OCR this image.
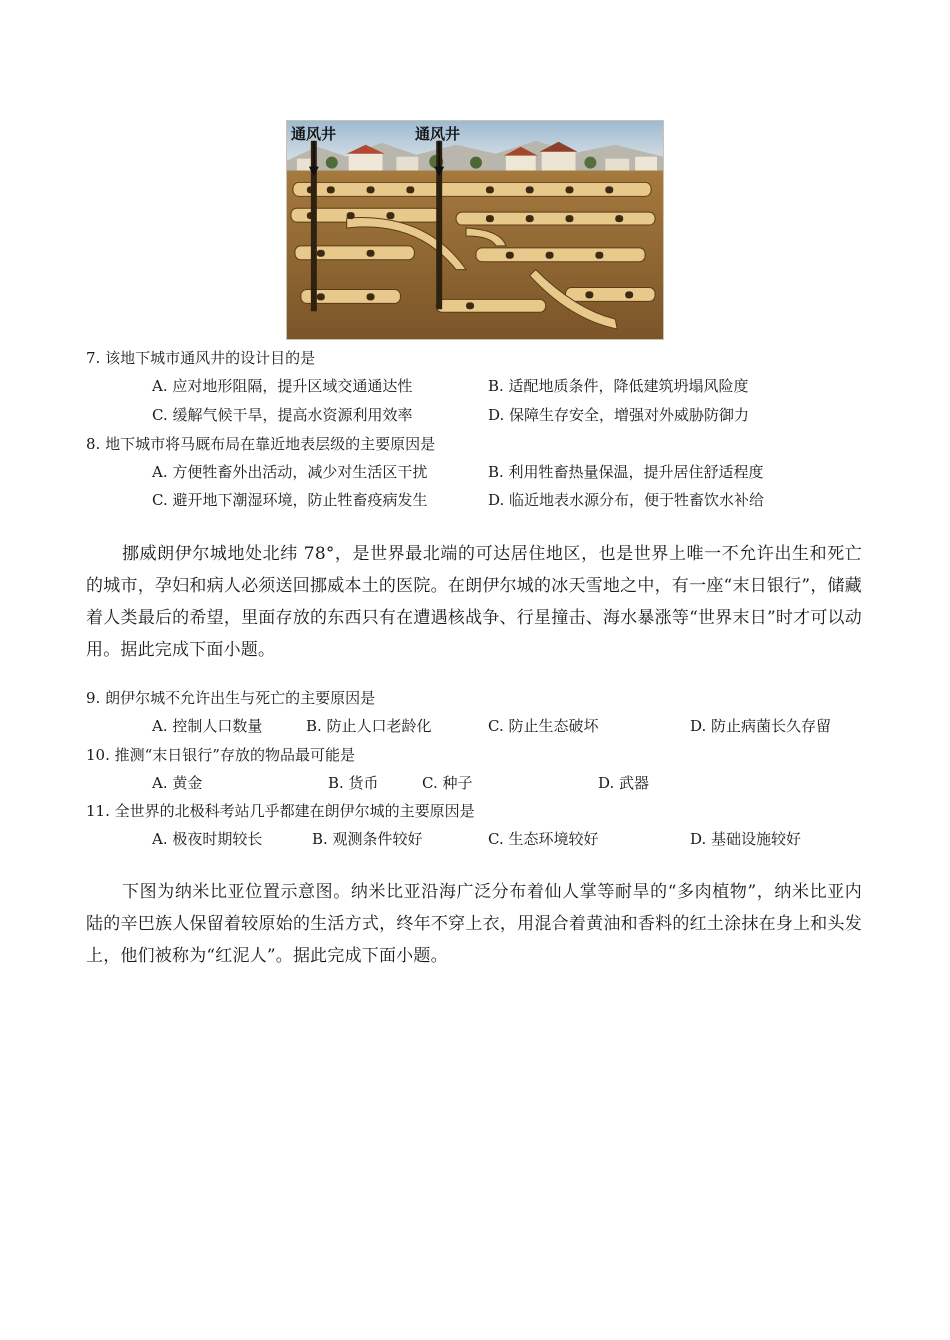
通风井	通风井
7. 该地下城市通风井的设计目的是
A. 应对地形阻隔，提升区域交通通达性	B. 适配地质条件，降低建筑坍塌风险度
C. 缓解气候干旱，提高水资源利用效率	D. 保障生存安全，增强对外威胁防御力
8. 地下城市将马厩布局在靠近地表层级的主要原因是
A. 方便牲畜外出活动，减少对生活区干扰	B. 利用牲畜热量保温，提升居住舒适程度
C. 避开地下潮湿环境，防止牲畜疫病发生	D. 临近地表水源分布，便于牲畜饮水补给
挪威朗伊尔城地处北纬 78°，是世界最北端的可达居住地区，也是世界上唯一不允许出生和死亡的城市，孕妇和病人必须送回挪威本土的医院。在朗伊尔城的冰天雪地之中，有一座“末日银行”，储藏着人类最后的希望，里面存放的东西只有在遭遇核战争、行星撞击、海水暴涨等“世界末日”时才可以动用。据此完成下面小题。
9. 朗伊尔城不允许出生与死亡的主要原因是
A. 控制人口数量	B. 防止人口老龄化	C. 防止生态破坏	D. 防止病菌长久存留
10. 推测“末日银行”存放的物品最可能是
A. 黄金	B. 货币	C. 种子	D. 武器
11. 全世界的北极科考站几乎都建在朗伊尔城的主要原因是
A. 极夜时期较长	B. 观测条件较好	C. 生态环境较好	D. 基础设施较好
下图为纳米比亚位置示意图。纳米比亚沿海广泛分布着仙人掌等耐旱的“多肉植物”，纳米比亚内陆的辛巴族人保留着较原始的生活方式，终年不穿上衣，用混合着黄油和香料的红土涂抹在身上和头发上，他们被称为“红泥人”。据此完成下面小题。
